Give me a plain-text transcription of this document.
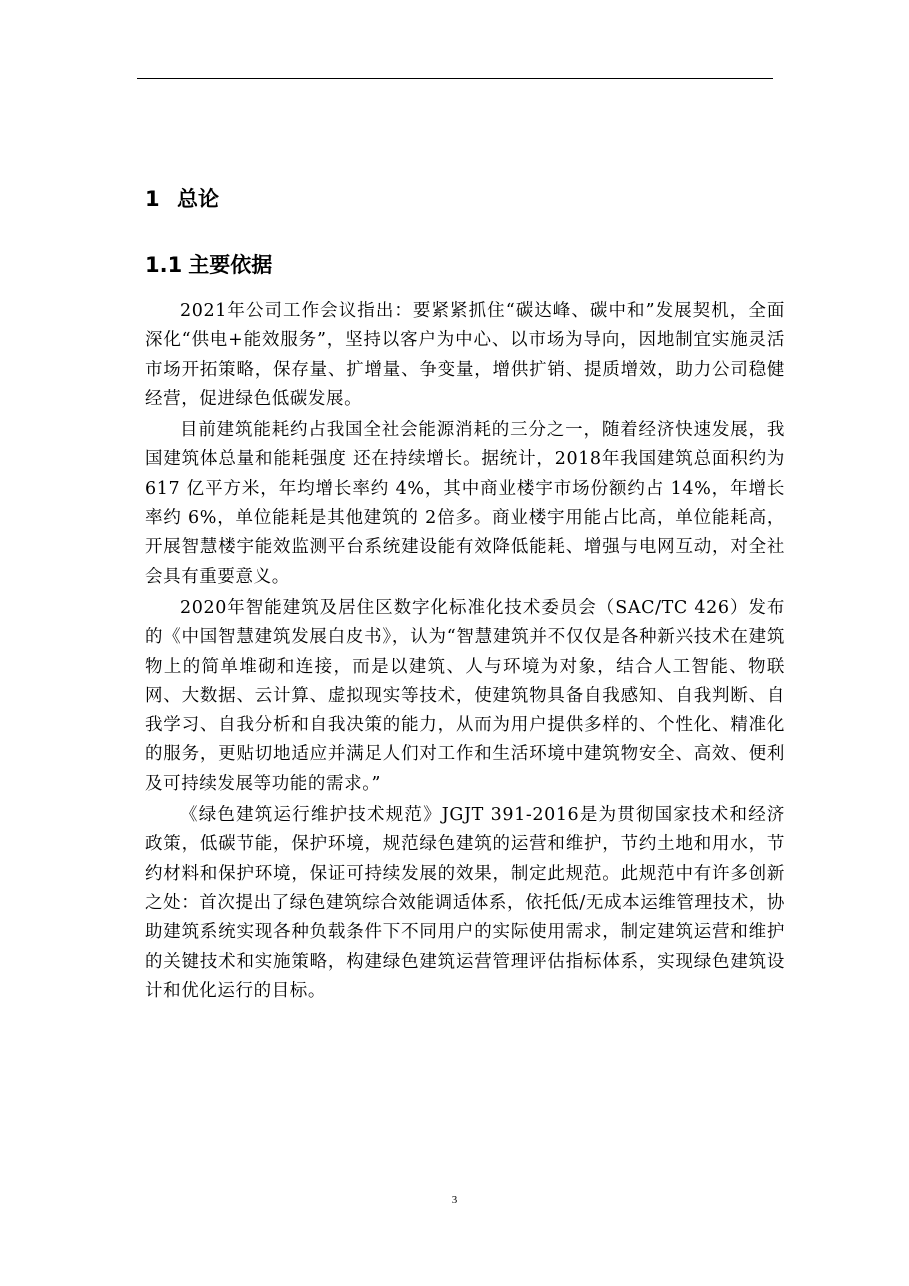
1 总论
1.1 主要依据

2021年公司工作会议指出：要紧紧抓住“碳达峰、碳中和”发展契机，全面深化“供电+能效服务”，坚持以客户为中心、以市场为导向，因地制宜实施灵活市场开拓策略，保存量、扩增量、争变量，增供扩销、提质增效，助力公司稳健经营，促进绿色低碳发展。

目前建筑能耗约占我国全社会能源消耗的三分之一，随着经济快速发展，我国建筑体总量和能耗强度 还在持续增长。据统计，2018年我国建筑总面积约为 617 亿平方米，年均增长率约 4%，其中商业楼宇市场份额约占 14%，年增长率约 6%，单位能耗是其他建筑的 2倍多。商业楼宇用能占比高，单位能耗高，开展智慧楼宇能效监测平台系统建设能有效降低能耗、增强与电网互动，对全社会具有重要意义。

2020年智能建筑及居住区数字化标准化技术委员会（SAC/TC 426）发布的《中国智慧建筑发展白皮书》，认为“智慧建筑并不仅仅是各种新兴技术在建筑物上的简单堆砌和连接，而是以建筑、人与环境为对象，结合人工智能、物联网、大数据、云计算、虚拟现实等技术，使建筑物具备自我感知、自我判断、自我学习、自我分析和自我决策的能力，从而为用户提供多样的、个性化、精准化的服务，更贴切地适应并满足人们对工作和生活环境中建筑物安全、高效、便利及可持续发展等功能的需求。”

《绿色建筑运行维护技术规范》JGJT 391-2016是为贯彻国家技术和经济政策，低碳节能，保护环境，规范绿色建筑的运营和维护，节约土地和用水，节约材料和保护环境，保证可持续发展的效果，制定此规范。此规范中有许多创新之处：首次提出了绿色建筑综合效能调适体系，依托低/无成本运维管理技术，协助建筑系统实现各种负载条件下不同用户的实际使用需求，制定建筑运营和维护的关键技术和实施策略，构建绿色建筑运营管理评估指标体系，实现绿色建筑设计和优化运行的目标。

3
